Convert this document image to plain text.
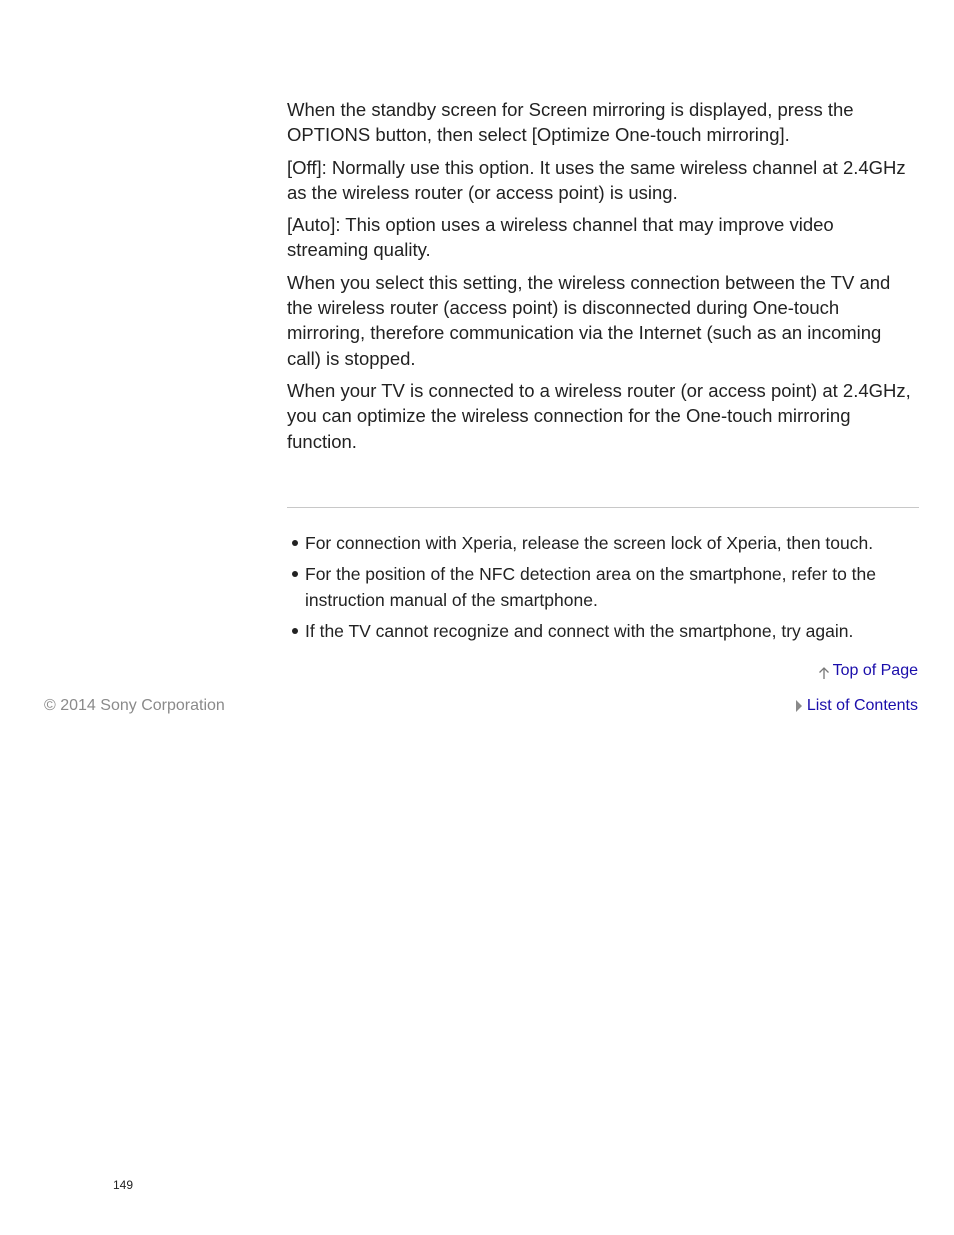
When the standby screen for Screen mirroring is displayed, press the OPTIONS button, then select [Optimize One-touch mirroring].

[Off]: Normally use this option. It uses the same wireless channel at 2.4GHz as the wireless router (or access point) is using.

[Auto]: This option uses a wireless channel that may improve video streaming quality.

When you select this setting, the wireless connection between the TV and the wireless router (access point) is disconnected during One-touch mirroring, therefore communication via the Internet (such as an incoming call) is stopped.

When your TV is connected to a wireless router (or access point) at 2.4GHz, you can optimize the wireless connection for the One-touch mirroring function.

For connection with Xperia, release the screen lock of Xperia, then touch.
For the position of the NFC detection area on the smartphone, refer to the instruction manual of the smartphone.
If the TV cannot recognize and connect with the smartphone, try again.
Top of Page
© 2014 Sony Corporation	List of Contents
149
